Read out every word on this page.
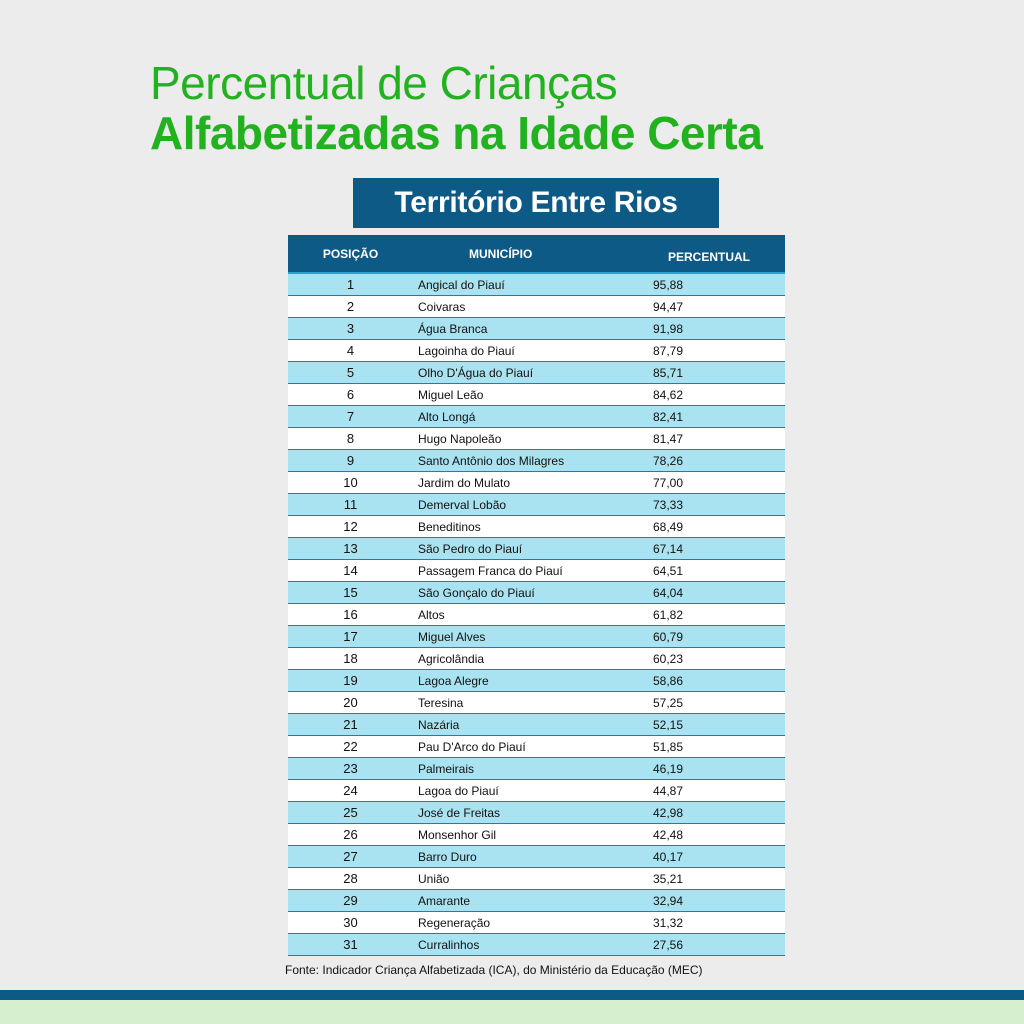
Percentual de Crianças
Alfabetizadas na Idade Certa
Território Entre Rios
POSIÇÃO	MUNICÍPIO	PERCENTUAL
1	Angical do Piauí	95,88
2	Coivaras	94,47
3	Água Branca	91,98
4	Lagoinha do Piauí	87,79
5	Olho D'Água do Piauí	85,71
6	Miguel Leão	84,62
7	Alto Longá	82,41
8	Hugo Napoleão	81,47
9	Santo Antônio dos Milagres	78,26
10	Jardim do Mulato	77,00
11	Demerval Lobão	73,33
12	Beneditinos	68,49
13	São Pedro do Piauí	67,14
14	Passagem Franca do Piauí	64,51
15	São Gonçalo do Piauí	64,04
16	Altos	61,82
17	Miguel Alves	60,79
18	Agricolândia	60,23
19	Lagoa Alegre	58,86
20	Teresina	57,25
21	Nazária	52,15
22	Pau D'Arco do Piauí	51,85
23	Palmeirais	46,19
24	Lagoa do Piauí	44,87
25	José de Freitas	42,98
26	Monsenhor Gil	42,48
27	Barro Duro	40,17
28	União	35,21
29	Amarante	32,94
30	Regeneração	31,32
31	Curralinhos	27,56
Fonte: Indicador Criança Alfabetizada (ICA), do Ministério da Educação (MEC)
